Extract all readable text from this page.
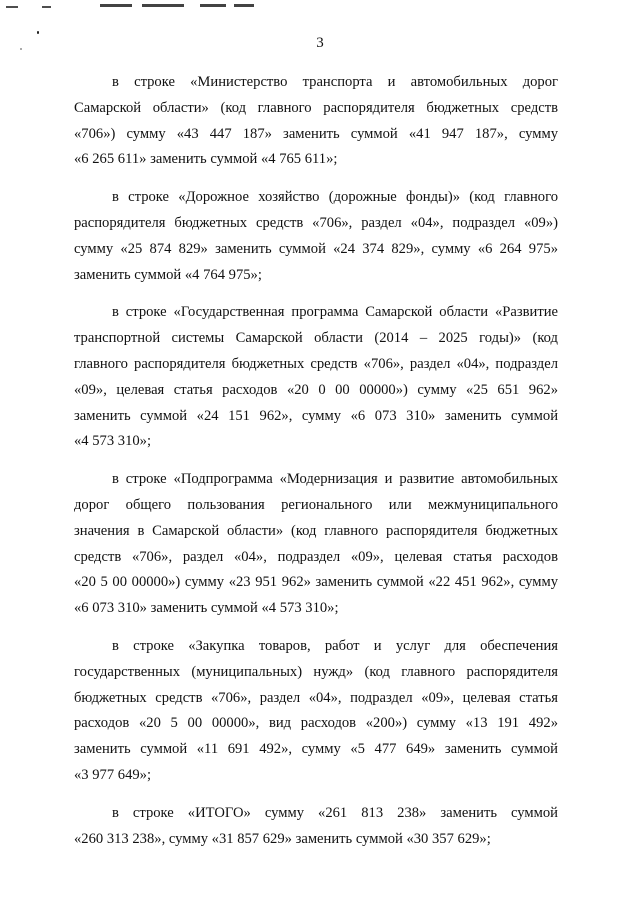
3
в строке «Министерство транспорта и автомобильных дорог
Самарской области» (код главного распорядителя бюджетных средств
«706») сумму «43 447 187» заменить суммой «41 947 187», сумму
«6 265 611» заменить суммой «4 765 611»;
в строке «Дорожное хозяйство (дорожные фонды)» (код главного
распорядителя бюджетных средств «706», раздел «04», подраздел «09»)
сумму «25 874 829» заменить суммой «24 374 829», сумму «6 264 975»
заменить суммой «4 764 975»;
в строке «Государственная программа Самарской области «Развитие
транспортной системы Самарской области (2014 – 2025 годы)» (код
главного распорядителя бюджетных средств «706», раздел «04», подраздел
«09», целевая статья расходов «20 0 00 00000») сумму «25 651 962»
заменить суммой «24 151 962», сумму «6 073 310» заменить суммой
«4 573 310»;
в строке «Подпрограмма «Модернизация и развитие автомобильных
дорог общего пользования регионального или межмуниципального
значения в Самарской области» (код главного распорядителя бюджетных
средств «706», раздел «04», подраздел «09», целевая статья расходов
«20 5 00 00000») сумму «23 951 962» заменить суммой «22 451 962», сумму
«6 073 310» заменить суммой «4 573 310»;
в строке «Закупка товаров, работ и услуг для обеспечения
государственных (муниципальных) нужд» (код главного распорядителя
бюджетных средств «706», раздел «04», подраздел «09», целевая статья
расходов «20 5 00 00000», вид расходов «200») сумму «13 191 492»
заменить суммой «11 691 492», сумму «5 477 649» заменить суммой
«3 977 649»;
в строке «ИТОГО» сумму «261 813 238» заменить суммой
«260 313 238», сумму «31 857 629» заменить суммой «30 357 629»;
